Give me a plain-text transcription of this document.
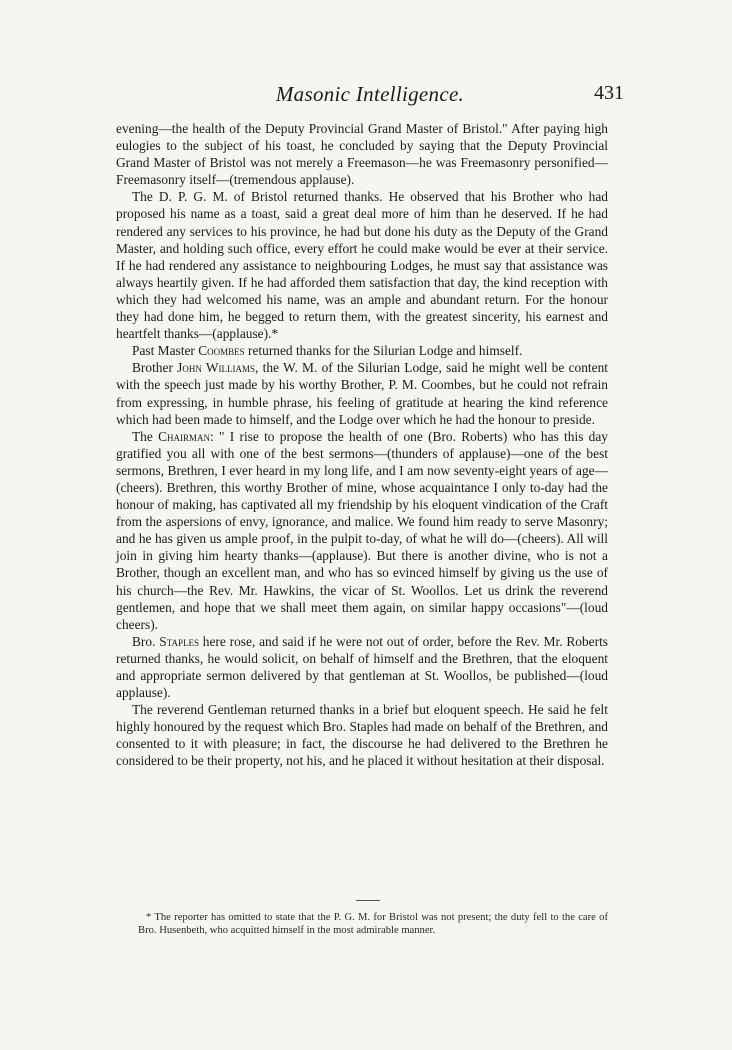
Masonic Intelligence.	431

evening—the health of the Deputy Provincial Grand Master of Bristol." After paying high eulogies to the subject of his toast, he concluded by saying that the Deputy Provincial Grand Master of Bristol was not merely a Freemason—he was Freemasonry personified—Freemasonry itself—(tremendous applause).

The D. P. G. M. of Bristol returned thanks. He observed that his Brother who had proposed his name as a toast, said a great deal more of him than he deserved. If he had rendered any services to his province, he had but done his duty as the Deputy of the Grand Master, and holding such office, every effort he could make would be ever at their service. If he had rendered any assistance to neighbouring Lodges, he must say that assistance was always heartily given. If he had afforded them satisfaction that day, the kind reception with which they had welcomed his name, was an ample and abundant return. For the honour they had done him, he begged to return them, with the greatest sincerity, his earnest and heartfelt thanks—(applause).*

Past Master Coombes returned thanks for the Silurian Lodge and himself.

Brother John Williams, the W. M. of the Silurian Lodge, said he might well be content with the speech just made by his worthy Brother, P. M. Coombes, but he could not refrain from expressing, in humble phrase, his feeling of gratitude at hearing the kind reference which had been made to himself, and the Lodge over which he had the honour to preside.

The Chairman: " I rise to propose the health of one (Bro. Roberts) who has this day gratified you all with one of the best sermons—(thunders of applause)—one of the best sermons, Brethren, I ever heard in my long life, and I am now seventy-eight years of age—(cheers). Brethren, this worthy Brother of mine, whose acquaintance I only to-day had the honour of making, has captivated all my friendship by his eloquent vindication of the Craft from the aspersions of envy, ignorance, and malice. We found him ready to serve Masonry; and he has given us ample proof, in the pulpit to-day, of what he will do—(cheers). All will join in giving him hearty thanks—(applause). But there is another divine, who is not a Brother, though an excellent man, and who has so evinced himself by giving us the use of his church—the Rev. Mr. Hawkins, the vicar of St. Woollos. Let us drink the reverend gentlemen, and hope that we shall meet them again, on similar happy occasions"—(loud cheers).

Bro. Staples here rose, and said if he were not out of order, before the Rev. Mr. Roberts returned thanks, he would solicit, on behalf of himself and the Brethren, that the eloquent and appropriate sermon delivered by that gentleman at St. Woollos, be published—(loud applause).

The reverend Gentleman returned thanks in a brief but eloquent speech. He said he felt highly honoured by the request which Bro. Staples had made on behalf of the Brethren, and consented to it with pleasure; in fact, the discourse he had delivered to the Brethren he considered to be their property, not his, and he placed it without hesitation at their disposal.

* The reporter has omitted to state that the P. G. M. for Bristol was not present; the duty fell to the care of Bro. Husenbeth, who acquitted himself in the most admirable manner.
